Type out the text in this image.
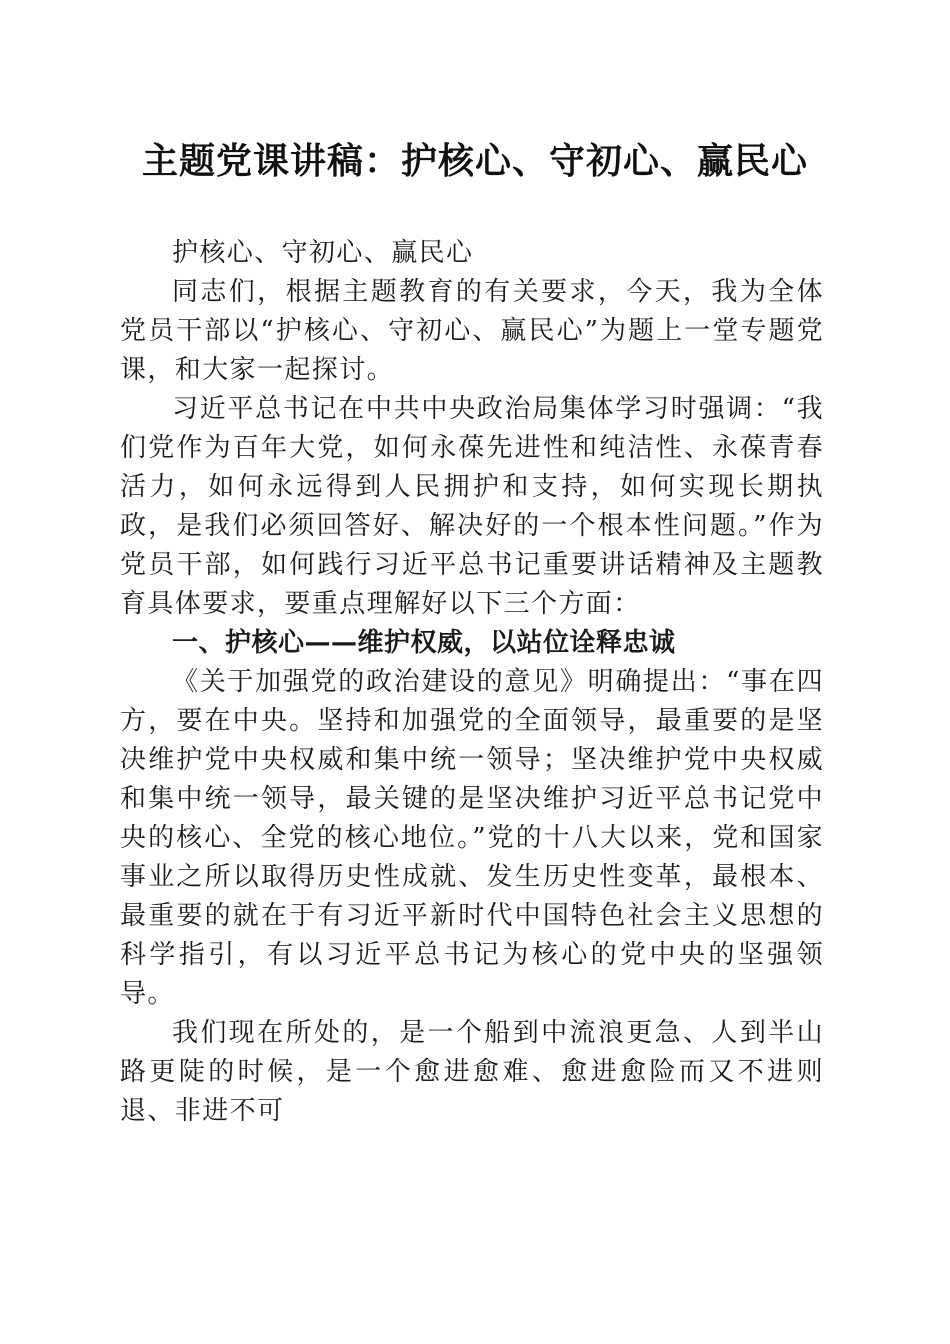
主题党课讲稿：护核心、守初心、赢民心

护核心、守初心、赢民心

同志们，根据主题教育的有关要求，今天，我为全体党员干部以“护核心、守初心、赢民心”为题上一堂专题党课，和大家一起探讨。

习近平总书记在中共中央政治局集体学习时强调：“我们党作为百年大党，如何永葆先进性和纯洁性、永葆青春活力，如何永远得到人民拥护和支持，如何实现长期执政，是我们必须回答好、解决好的一个根本性问题。”作为党员干部，如何践行习近平总书记重要讲话精神及主题教育具体要求，要重点理解好以下三个方面：

一、护核心——维护权威，以站位诠释忠诚

《关于加强党的政治建设的意见》明确提出：“事在四方，要在中央。坚持和加强党的全面领导，最重要的是坚决维护党中央权威和集中统一领导；坚决维护党中央权威和集中统一领导，最关键的是坚决维护习近平总书记党中央的核心、全党的核心地位。”党的十八大以来，党和国家事业之所以取得历史性成就、发生历史性变革，最根本、最重要的就在于有习近平新时代中国特色社会主义思想的科学指引，有以习近平总书记为核心的党中央的坚强领导。

我们现在所处的，是一个船到中流浪更急、人到半山路更陡的时候，是一个愈进愈难、愈进愈险而又不进则退、非进不可
